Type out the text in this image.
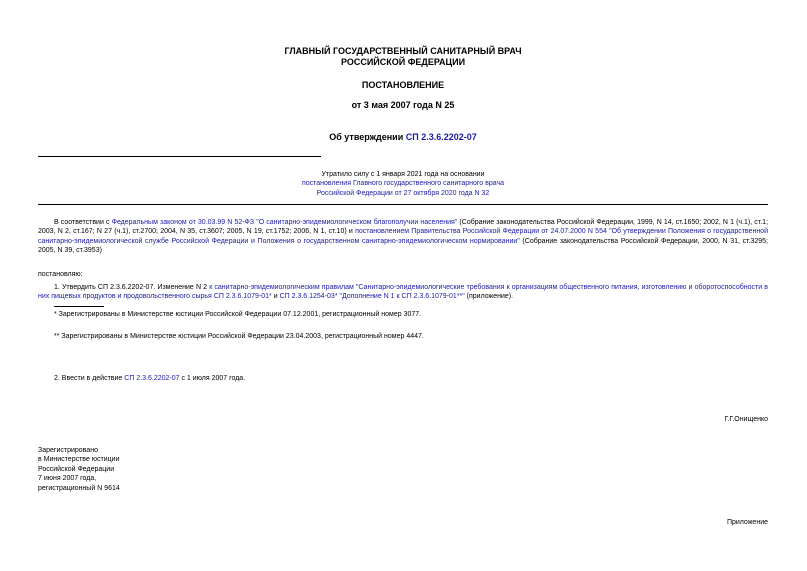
ГЛАВНЫЙ ГОСУДАРСТВЕННЫЙ САНИТАРНЫЙ ВРАЧ
РОССИЙСКОЙ ФЕДЕРАЦИИ
ПОСТАНОВЛЕНИЕ
от 3 мая 2007 года N 25
Об утверждении СП 2.3.6.2202-07
Утратило силу с 1 января 2021 года на основании
постановления Главного государственного санитарного врача
Российской Федерации от 27 октября 2020 года N 32
В соответствии с Федеральным законом от 30.03.99 N 52-ФЗ "О санитарно-эпидемиологическом благополучии населения" (Собрание законодательства Российской Федерации, 1999, N 14, ст.1650; 2002, N 1 (ч.1), ст.1; 2003, N 2, ст.167; N 27 (ч.1), ст.2700; 2004, N 35, ст.3607; 2005, N 19, ст.1752; 2006, N 1, ст.10) и постановлением Правительства Российской Федерации от 24.07.2000 N 554 "Об утверждении Положения о государственной санитарно-эпидемиологической службе Российской Федерации и Положения о государственном санитарно-эпидемиологическом нормировании" (Собрание законодательства Российской Федерации, 2000, N 31, ст.3295; 2005, N 39, ст.3953)
постановляю:
1. Утвердить СП 2.3.6.2202-07. Изменение N 2 к санитарно-эпидемиологическим правилам "Санитарно-эпидемиологические требования к организациям общественного питания, изготовлению и оборотоспособности в них пищевых продуктов и продовольственного сырья СП 2.3.6.1079-01* и СП 2.3.6.1254-03* "Дополнение N 1 к СП 2.3.6.1079-01**" (приложение).
* Зарегистрированы в Министерстве юстиции Российской Федерации 07.12.2001, регистрационный номер 3077.
** Зарегистрированы в Министерстве юстиции Российской Федерации 23.04.2003, регистрационный номер 4447.
2. Ввести в действие СП 2.3.6.2202-07 с 1 июля 2007 года.
Г.Г.Онищенко
Зарегистрировано
в Министерстве юстиции
Российской Федерации
7 июня 2007 года,
регистрационный N 9614
Приложение
